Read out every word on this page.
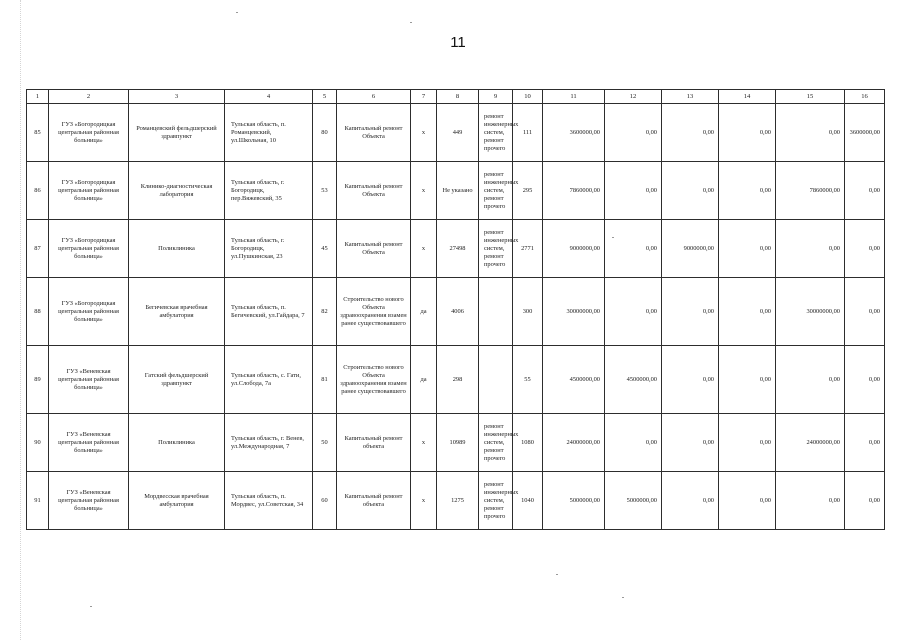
11
1	2	3	4	5	6	7	8	9	10	11	12	13	14	15	16
85	ГУЗ «Богородицкая центральная районная больница»	Романцевский фельдшерский здравпункт	Тульская область, п. Романцевский, ул.Школьная, 10	80	Капитальный ремонт Объекта	х	449	ремонт инженерных систем, ремонт прочего	111	3600000,00	0,00	0,00	0,00	0,00	3600000,00
86	ГУЗ «Богородицкая центральная районная больница»	Клинико-диагностическая лаборатория	Тульская область, г. Богородицк, пер.Вяжевский, 35	53	Капитальный ремонт Объекта	х	Не указано	ремонт инженерных систем, ремонт прочего	295	7860000,00	0,00	0,00	0,00	7860000,00	0,00
87	ГУЗ «Богородицкая центральная районная больница»	Поликлиника	Тульская область, г. Богородицк, ул.Пушкинская, 23	45	Капитальный ремонт Объекта	х	27498	ремонт инженерных систем, ремонт прочего	2771	9000000,00	0,00	9000000,00	0,00	0,00	0,00
88	ГУЗ «Богородицкая центральная районная больница»	Бегичевская врачебная амбулатория	Тульская область, п. Бегичевский, ул.Гайдара, 7	82	Строительство нового Объекта здравоохранения взамен ранее существовавшего	да	4006		300	30000000,00	0,00	0,00	0,00	30000000,00	0,00
89	ГУЗ «Веневская центральная районная больница»	Гатский фельдшерский здравпункт	Тульская область, с. Гати, ул.Слобода, 7а	81	Строительство нового Объекта здравоохранения взамен ранее существовавшего	да	298		55	4500000,00	4500000,00	0,00	0,00	0,00	0,00
90	ГУЗ «Веневская центральная районная больница»	Поликлиника	Тульская область, г. Венев, ул.Международная, 7	50	Капитальный ремонт объекта	х	10989	ремонт инженерных систем, ремонт прочего	1080	24000000,00	0,00	0,00	0,00	24000000,00	0,00
91	ГУЗ «Веневская центральная районная больница»	Мордвесская врачебная амбулатория	Тульская область, п. Мордвес, ул.Советская, 34	60	Капитальный ремонт объекта	х	1275	ремонт инженерных систем, ремонт прочего	1040	5000000,00	5000000,00	0,00	0,00	0,00	0,00
